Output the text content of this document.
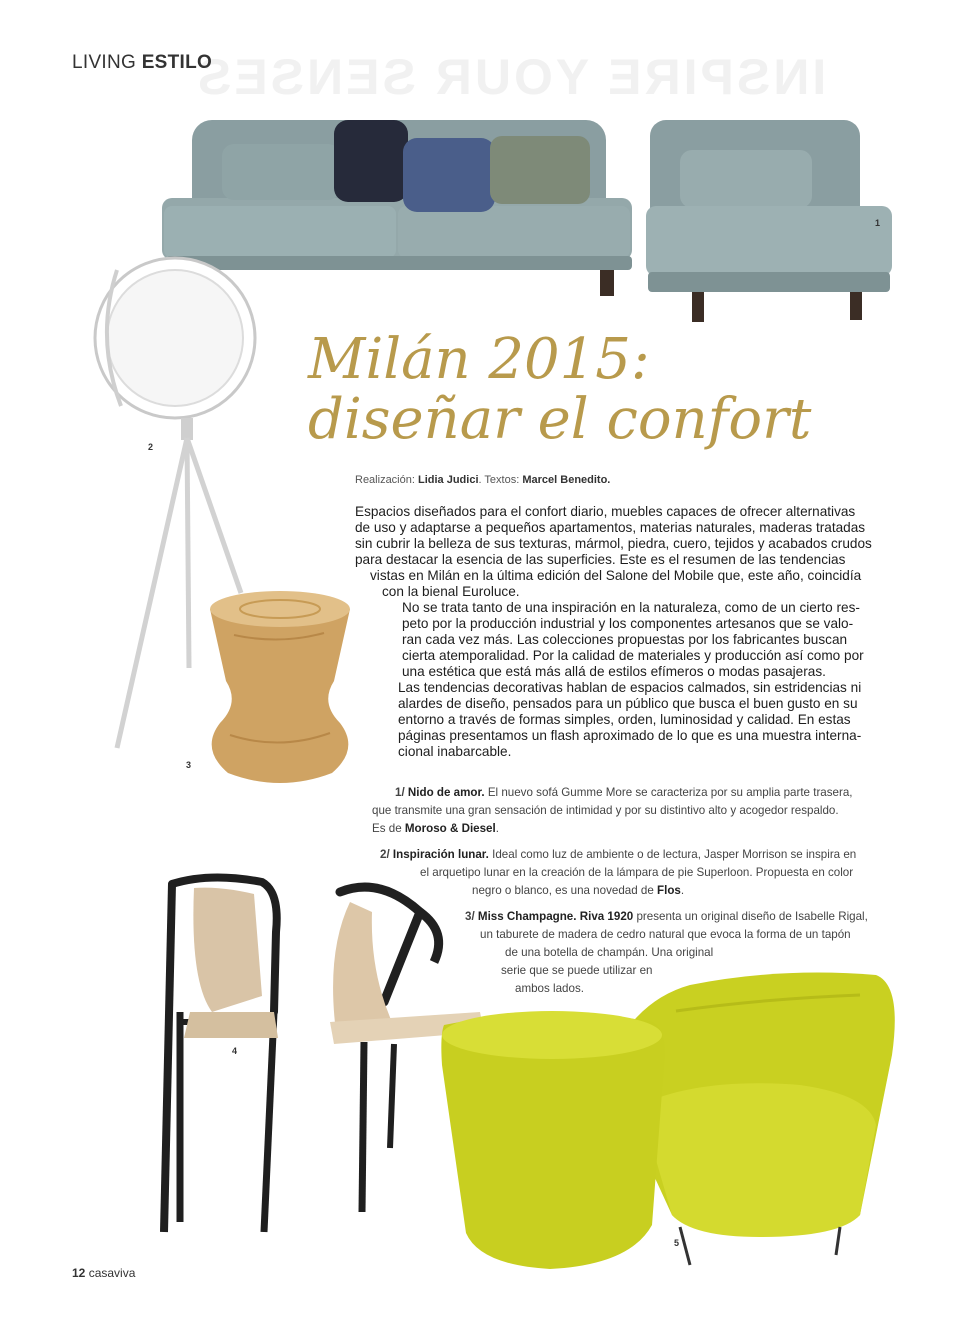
INSPIRE YOUR SENSES
LIVING ESTILO
1
2
3
Milán 2015:
diseñar el confort
Realización: Lidia Judici. Textos: Marcel Benedito.
Espacios diseñados para el confort diario, muebles capaces de ofrecer alternativas
de uso y adaptarse a pequeños apartamentos, materias naturales, maderas tratadas
sin cubrir la belleza de sus texturas, mármol, piedra, cuero, tejidos y acabados crudos
para destacar la esencia de las superficies. Este es el resumen de las tendencias
vistas en Milán en la última edición del Salone del Mobile que, este año, coincidía
con la bienal Euroluce.
No se trata tanto de una inspiración en la naturaleza, como de un cierto res-
peto por la producción industrial y los componentes artesanos que se valo-
ran cada vez más. Las colecciones propuestas por los fabricantes buscan
cierta atemporalidad. Por la calidad de materiales y producción así como por
una estética que está más allá de estilos efímeros o modas pasajeras.
Las tendencias decorativas hablan de espacios calmados, sin estridencias ni
alardes de diseño, pensados para un público que busca el buen gusto en su
entorno a través de formas simples, orden, luminosidad y calidad. En estas
páginas presentamos un flash aproximado de lo que es una muestra interna-
cional inabarcable.
1/ Nido de amor. El nuevo sofá Gumme More se caracteriza por su amplia parte trasera,
que transmite una gran sensación de intimidad y por su distintivo alto y acogedor respaldo.
Es de Moroso & Diesel.
2/ Inspiración lunar. Ideal como luz de ambiente o de lectura, Jasper Morrison se inspira en
el arquetipo lunar en la creación de la lámpara de pie Superloon. Propuesta en color
negro o blanco, es una novedad de Flos.
3/ Miss Champagne. Riva 1920 presenta un original diseño de Isabelle Rigal,
un taburete de madera de cedro natural que evoca la forma de un tapón
de una botella de champán. Una original
serie que se puede utilizar en
ambos lados.
4
5
12 casaviva
